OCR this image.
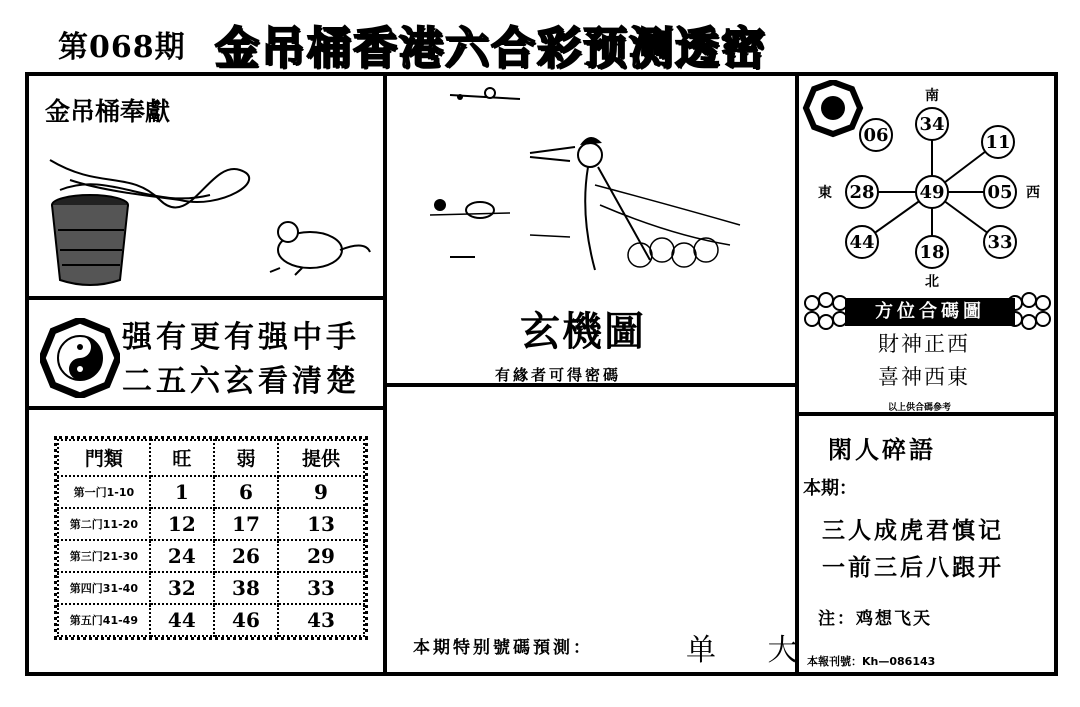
第068期 金吊桶香港六合彩预测透密
金吊桶奉獻
强有更有强中手
二五六玄看清楚
門類	旺	弱	提供
第一门1-10	1	6	9
第二门11-20	12	17	13
第三门21-30	24	26	29
第四门31-40	32	38	33
第五门41-49	44	46	43
玄機圖
有緣者可得密碼
本期特别號碼預測：	单 大
34
06	11
28 49 05
44 18 33
南
北
東	西
方位合碼圖
財神正西
喜神西東
以上供合碼參考
閑人碎語
本期：
三人成虎君慎记
一前三后八跟开
注：鸡想飞天
本報刊號：Kh—086143
